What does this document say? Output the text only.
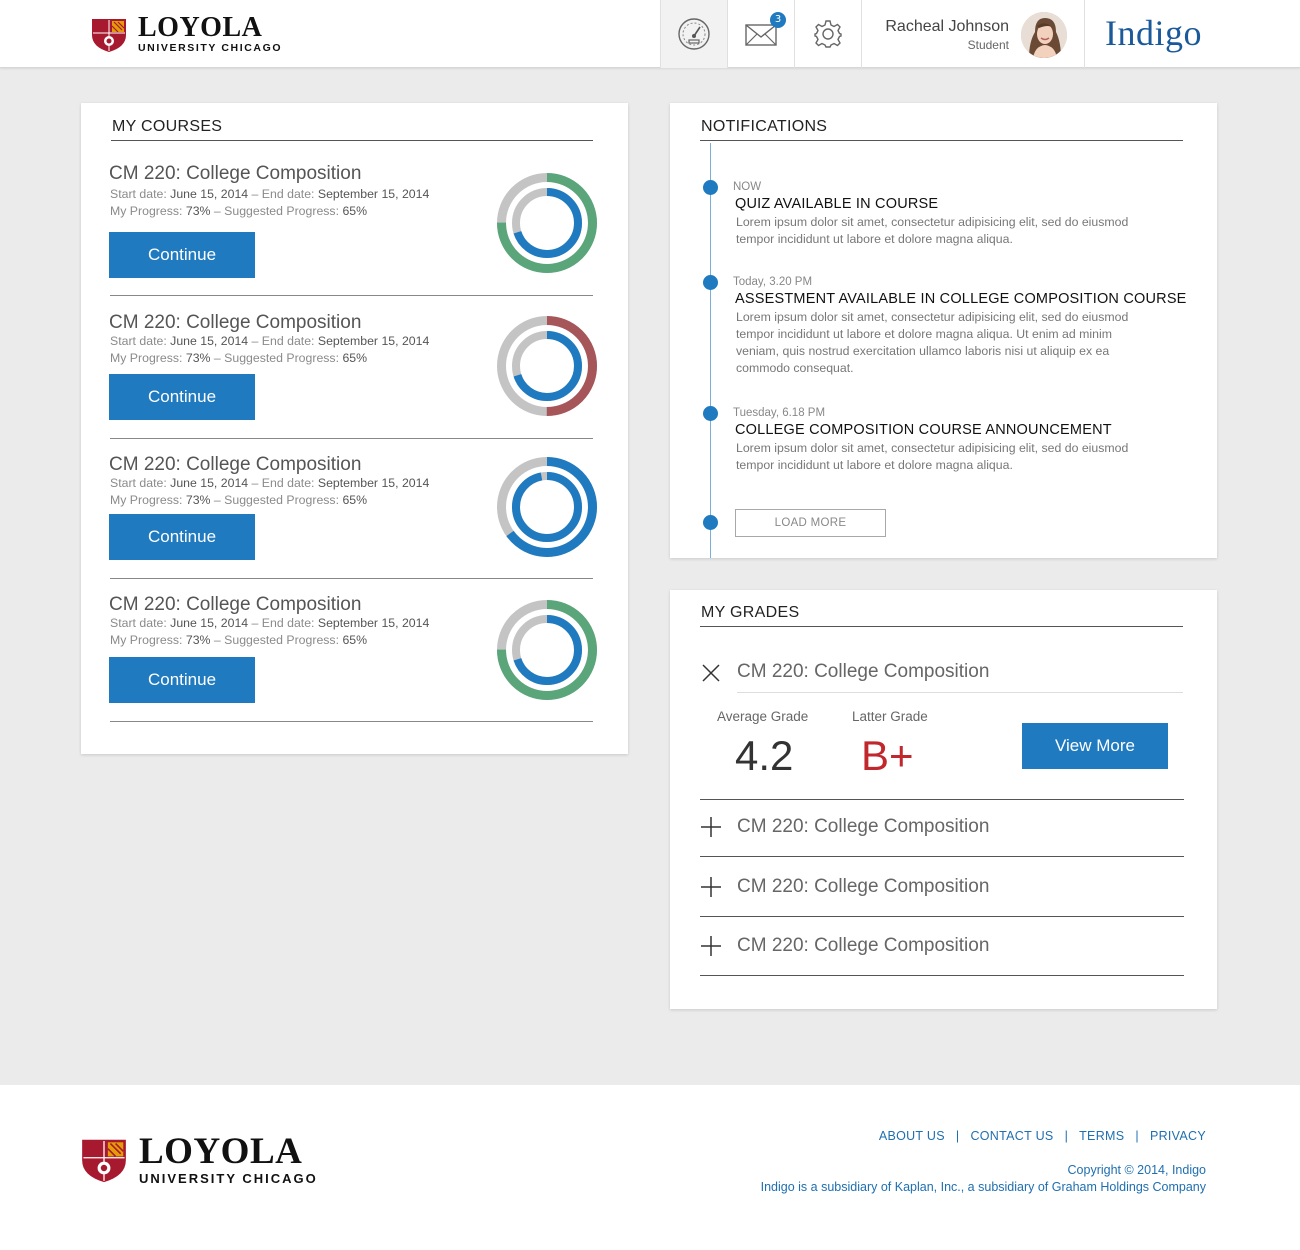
LOYOLA
UNIVERSITY CHICAGO
3	Racheal Johnson
Student	Indigo
MY COURSES
CM 220: College Composition
Start date: June 15, 2014 – End date: September 15, 2014
My Progress: 73% – Suggested Progress: 65%
Continue
CM 220: College Composition
Start date: June 15, 2014 – End date: September 15, 2014
My Progress: 73% – Suggested Progress: 65%
Continue
CM 220: College Composition
Start date: June 15, 2014 – End date: September 15, 2014
My Progress: 73% – Suggested Progress: 65%
Continue
CM 220: College Composition
Start date: June 15, 2014 – End date: September 15, 2014
My Progress: 73% – Suggested Progress: 65%
Continue
NOTIFICATIONS
NOW
QUIZ AVAILABLE IN COURSE
Lorem ipsum dolor sit amet, consectetur adipisicing elit, sed do eiusmod
tempor incididunt ut labore et dolore magna aliqua.
Today, 3.20 PM
ASSESTMENT AVAILABLE IN COLLEGE COMPOSITION COURSE
Lorem ipsum dolor sit amet, consectetur adipisicing elit, sed do eiusmod
tempor incididunt ut labore et dolore magna aliqua. Ut enim ad minim
veniam, quis nostrud exercitation ullamco laboris nisi ut aliquip ex ea
commodo consequat.
Tuesday, 6.18 PM
COLLEGE COMPOSITION COURSE ANNOUNCEMENT
Lorem ipsum dolor sit amet, consectetur adipisicing elit, sed do eiusmod
tempor incididunt ut labore et dolore magna aliqua.
LOAD MORE
MY GRADES
CM 220: College Composition
Average Grade
4.2
Latter Grade
B+	View More
CM 220: College Composition
CM 220: College Composition
CM 220: College Composition
LOYOLA
UNIVERSITY CHICAGO
ABOUT US | CONTACT US | TERMS | PRIVACY
Copyright © 2014, Indigo
Indigo is a subsidiary of Kaplan, Inc., a subsidiary of Graham Holdings Company
